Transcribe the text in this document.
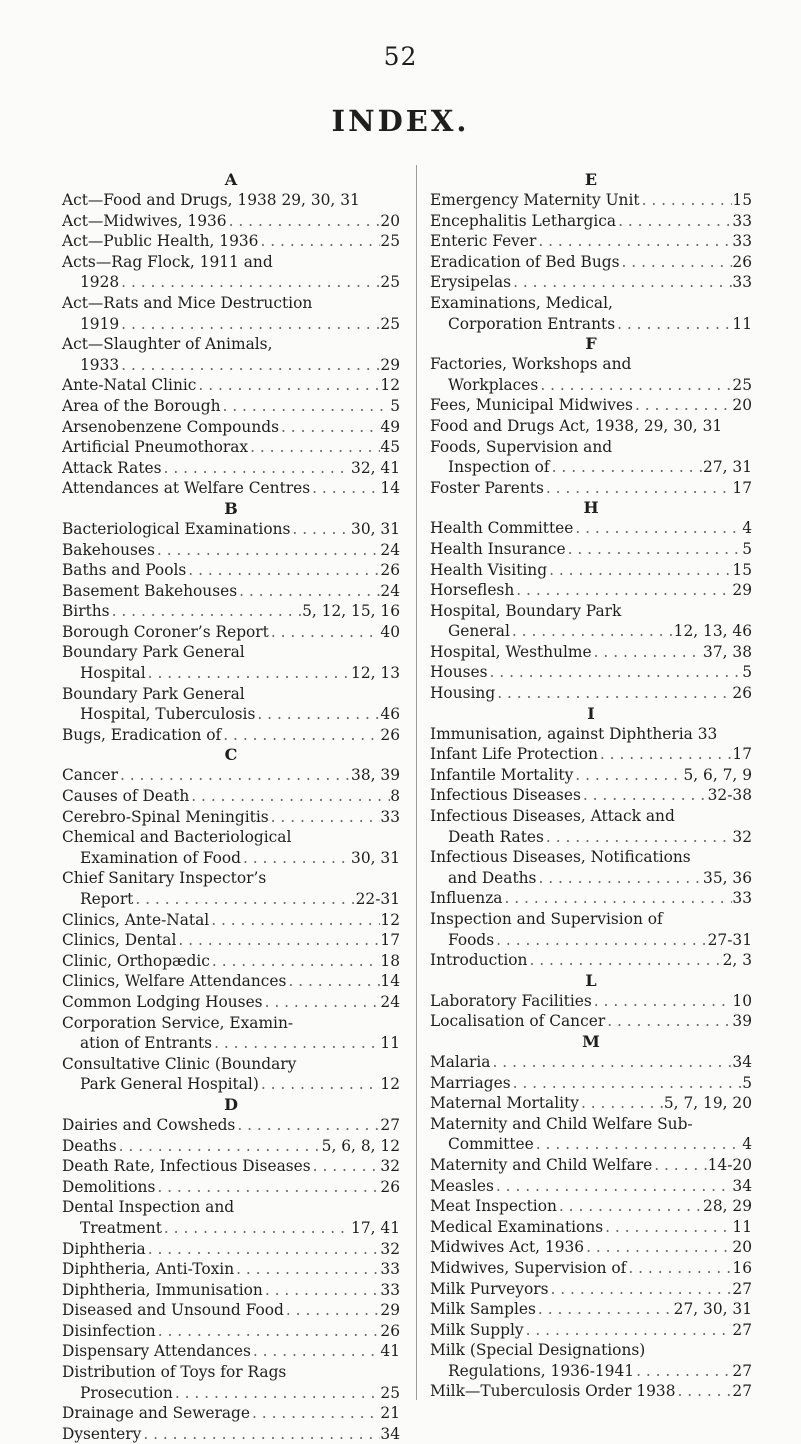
52
INDEX.
A
Act—Food and Drugs, 1938 29, 30, 31
Act—Midwives, 1936 . . .	20
Act—Public Health, 1936 . . .	25
Acts—Rag Flock, 1911 and
1928 . . .	25
Act—Rats and Mice Destruction
1919 . . .	25
Act—Slaughter of Animals,
1933 . . .	29
Ante-Natal Clinic . . .	12
Area of the Borough . . .	5
Arsenobenzene Compounds . . .	49
Artificial Pneumothorax . . .	45
Attack Rates . . .	32, 41
Attendances at Welfare Centres . . .	14
B
Bacteriological Examinations . . .	30, 31
Bakehouses . . .	24
Baths and Pools . . .	26
Basement Bakehouses . . .	24
Births . . .	5, 12, 15, 16
Borough Coroner’s Report . . .	40
Boundary Park General
Hospital . . .	12, 13
Boundary Park General
Hospital, Tuberculosis . . .	46
Bugs, Eradication of . . .	26
C
Cancer . . .	38, 39
Causes of Death . . .	8
Cerebro-Spinal Meningitis . . .	33
Chemical and Bacteriological
Examination of Food . . .	30, 31
Chief Sanitary Inspector’s
Report . . .	22-31
Clinics, Ante-Natal . . .	12
Clinics, Dental . . .	17
Clinic, Orthopædic . . .	18
Clinics, Welfare Attendances . . .	14
Common Lodging Houses . . .	24
Corporation Service, Examin-
ation of Entrants . . .	11
Consultative Clinic (Boundary
Park General Hospital) . . .	12
D
Dairies and Cowsheds . . .	27
Deaths . . .	5, 6, 8, 12
Death Rate, Infectious Diseases . . .	32
Demolitions . . .	26
Dental Inspection and
Treatment . . .	17, 41
Diphtheria . . .	32
Diphtheria, Anti-Toxin . . .	33
Diphtheria, Immunisation . . .	33
Diseased and Unsound Food . . .	29
Disinfection . . .	26
Dispensary Attendances . . .	41
Distribution of Toys for Rags
Prosecution . . .	25
Drainage and Sewerage . . .	21
Dysentery . . .	34
E
Emergency Maternity Unit . . .	15
Encephalitis Lethargica . . .	33
Enteric Fever . . .	33
Eradication of Bed Bugs . . .	26
Erysipelas . . .	33
Examinations, Medical,
Corporation Entrants . . .	11
F
Factories, Workshops and
Workplaces . . .	25
Fees, Municipal Midwives . . .	20
Food and Drugs Act, 1938, 29, 30, 31
Foods, Supervision and
Inspection of . . .	27, 31
Foster Parents . . .	17
H
Health Committee . . .	4
Health Insurance . . .	5
Health Visiting . . .	15
Horseflesh . . .	29
Hospital, Boundary Park
General . . .	12, 13, 46
Hospital, Westhulme . . .	37, 38
Houses . . .	5
Housing . . .	26
I
Immunisation, against Diphtheria 33
Infant Life Protection . . .	17
Infantile Mortality . . .	5, 6, 7, 9
Infectious Diseases . . .	32-38
Infectious Diseases, Attack and
Death Rates . . .	32
Infectious Diseases, Notifications
and Deaths . . .	35, 36
Influenza . . .	33
Inspection and Supervision of
Foods . . .	27-31
Introduction . . .	2, 3
L
Laboratory Facilities . . .	10
Localisation of Cancer . . .	39
M
Malaria . . .	34
Marriages . . .	5
Maternal Mortality . . .	5, 7, 19, 20
Maternity and Child Welfare Sub-
Committee . . .	4
Maternity and Child Welfare . . .	14-20
Measles . . .	34
Meat Inspection . . .	28, 29
Medical Examinations . . .	11
Midwives Act, 1936 . . .	20
Midwives, Supervision of . . .	16
Milk Purveyors . . .	27
Milk Samples . . .	27, 30, 31
Milk Supply . . .	27
Milk (Special Designations)
Regulations, 1936-1941 . . .	27
Milk—Tuberculosis Order 1938 . . .	27
